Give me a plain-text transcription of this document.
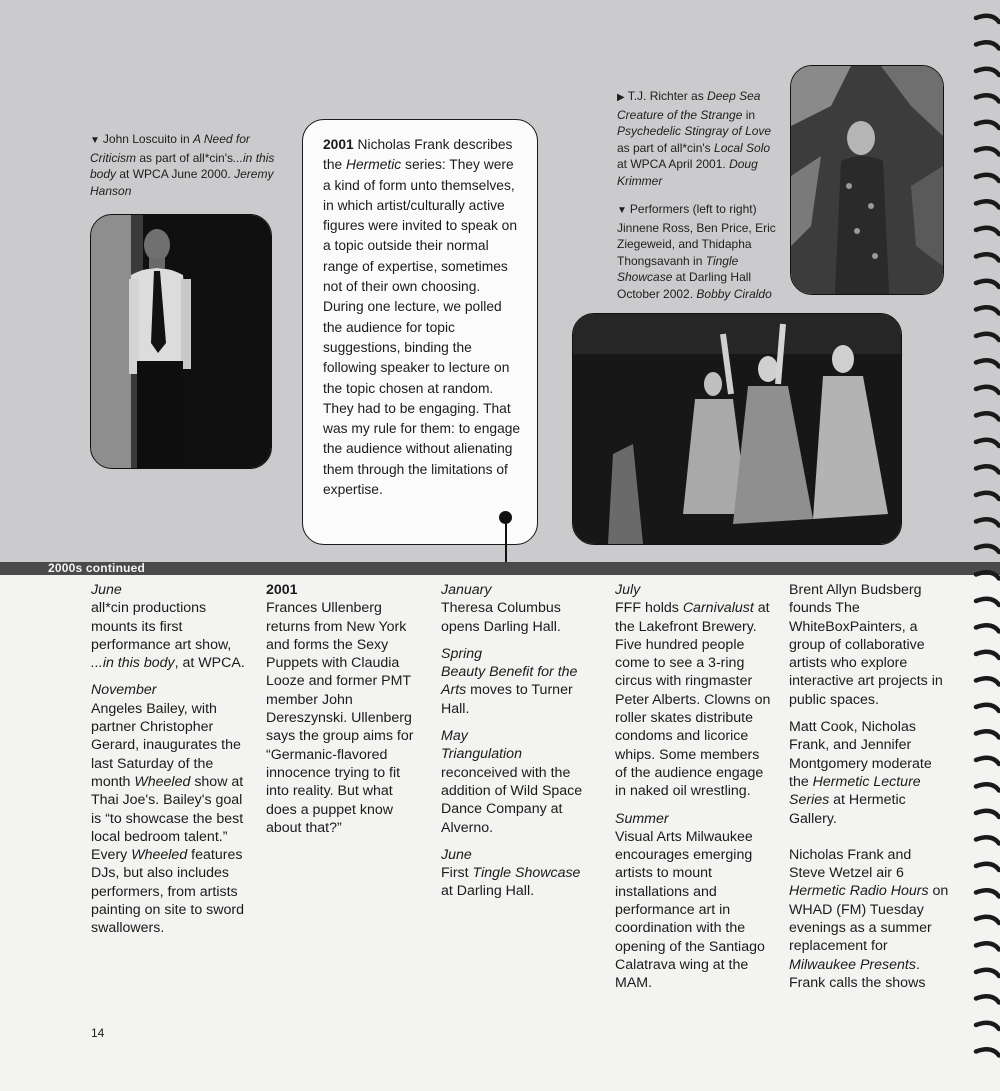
▼ John Loscuito in A Need for Criticism as part of all*cin's...in this body at WPCA June 2000. Jeremy Hanson
2001 Nicholas Frank describes the Hermetic series: They were a kind of form unto themselves, in which artist/culturally active figures were invited to speak on a topic outside their normal range of expertise, sometimes not of their own choosing. During one lecture, we polled the audience for topic suggestions, binding the following speaker to lecture on the topic chosen at random. They had to be engaging. That was my rule for them: to engage the audience without alienating them through the limitations of expertise.
▶ T.J. Richter as Deep Sea Creature of the Strange in Psychedelic Stingray of Love as part of all*cin's Local Solo at WPCA April 2001. Doug Krimmer
▼ Performers (left to right) Jinnene Ross, Ben Price, Eric Ziegeweid, and Thidapha Thongsavanh in Tingle Showcase at Darling Hall October 2002. Bobby Ciraldo
2000s continued
June
all*cin productions mounts its first performance art show, ...in this body, at WPCA.
November
Angeles Bailey, with partner Christopher Gerard, inaugurates the last Saturday of the month Wheeled show at Thai Joe's. Bailey's goal is “to showcase the best local bedroom talent.” Every Wheeled features DJs, but also includes performers, from artists painting on site to sword swallowers.
2001
Frances Ullenberg returns from New York and forms the Sexy Puppets with Claudia Looze and former PMT member John Dereszynski. Ullenberg says the group aims for “Germanic-flavored innocence trying to fit into reality. But what does a puppet know about that?”
January
Theresa Columbus opens Darling Hall.
Spring
Beauty Benefit for the Arts moves to Turner Hall.
May
Triangulation reconceived with the addition of Wild Space Dance Company at Alverno.
June
First Tingle Showcase at Darling Hall.
July
FFF holds Carnivalust at the Lakefront Brewery. Five hundred people come to see a 3-ring circus with ringmaster Peter Alberts. Clowns on roller skates distribute condoms and licorice whips. Some members of the audience engage in naked oil wrestling.
Summer
Visual Arts Milwaukee encourages emerging artists to mount installations and performance art in coordination with the opening of the Santiago Calatrava wing at the MAM.
Brent Allyn Budsberg founds The WhiteBoxPainters, a group of collaborative artists who explore interactive art projects in public spaces.
Matt Cook, Nicholas Frank, and Jennifer Montgomery moderate the Hermetic Lecture Series at Hermetic Gallery.
Nicholas Frank and Steve Wetzel air 6 Hermetic Radio Hours on WHAD (FM) Tuesday evenings as a summer replacement for Milwaukee Presents. Frank calls the shows
14
